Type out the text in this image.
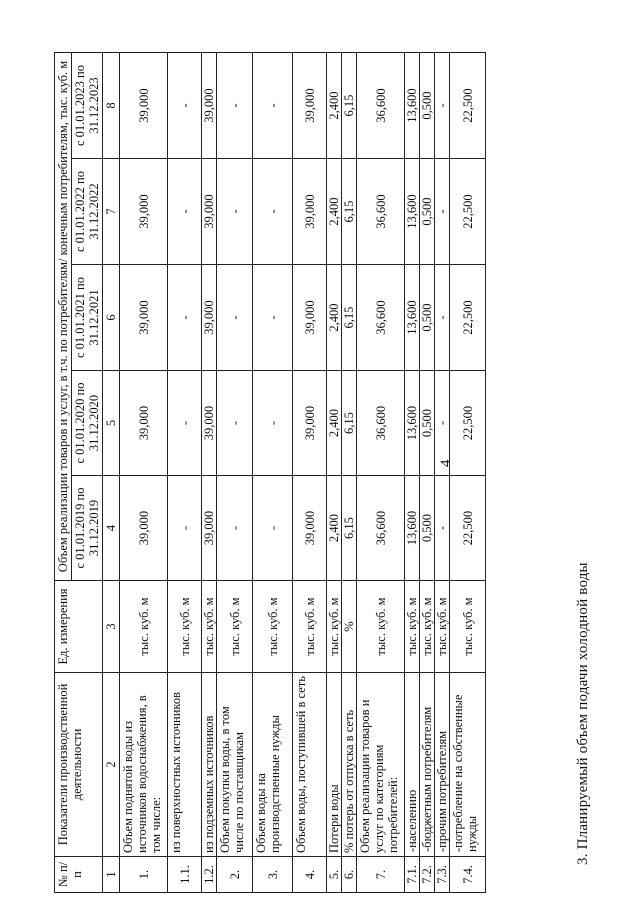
4
3. Планируемый объем подачи холодной воды
№ п/п	Показатели производственной деятельности	Ед. измерения	Объем реализации товаров и услуг, в т.ч. по потребителям/ конечным потребителям, тыс. куб. м				
			с 01.01.2019 по 31.12.2019	с 01.01.2020 по 31.12.2020	с 01.01.2021 по 31.12.2021	с 01.01.2022 по 31.12.2022	с 01.01.2023 по 31.12.2023
1	2	3	4	5	6	7	8
1.	Объем поднятой воды из источников водоснабжения, в том числе:	тыс. куб. м	39,000	39,000	39,000	39,000	39,000
1.1.	из поверхностных источников	тыс. куб. м	-	-	-	-	-
1.2.	из подземных источников	тыс. куб. м	39,000	39,000	39,000	39,000	39,000
2.	Объем покупки воды, в том числе по поставщикам	тыс. куб. м	-	-	-	-	-
3.	Объем воды на производственные нужды	тыс. куб. м	-	-	-	-	-
4.	Объем воды, поступившей в сеть	тыс. куб. м	39,000	39,000	39,000	39,000	39,000
5.	Потери воды	тыс. куб. м	2,400	2,400	2,400	2,400	2,400
6.	% потерь от отпуска в сеть	%	6,15	6,15	6,15	6,15	6,15
7.	Объем реализации товаров и услуг по категориям потребителей:	тыс. куб. м	36,600	36,600	36,600	36,600	36,600
7.1.	-населению	тыс. куб. м	13,600	13,600	13,600	13,600	13,600
7.2.	-бюджетным потребителям	тыс. куб. м	0,500	0,500	0,500	0,500	0,500
7.3.	-прочим потребителям	тыс. куб. м	-	-	-	-	-
7.4.	-потребление на собственные нужды	тыс. куб. м	22,500	22,500	22,500	22,500	22,500
